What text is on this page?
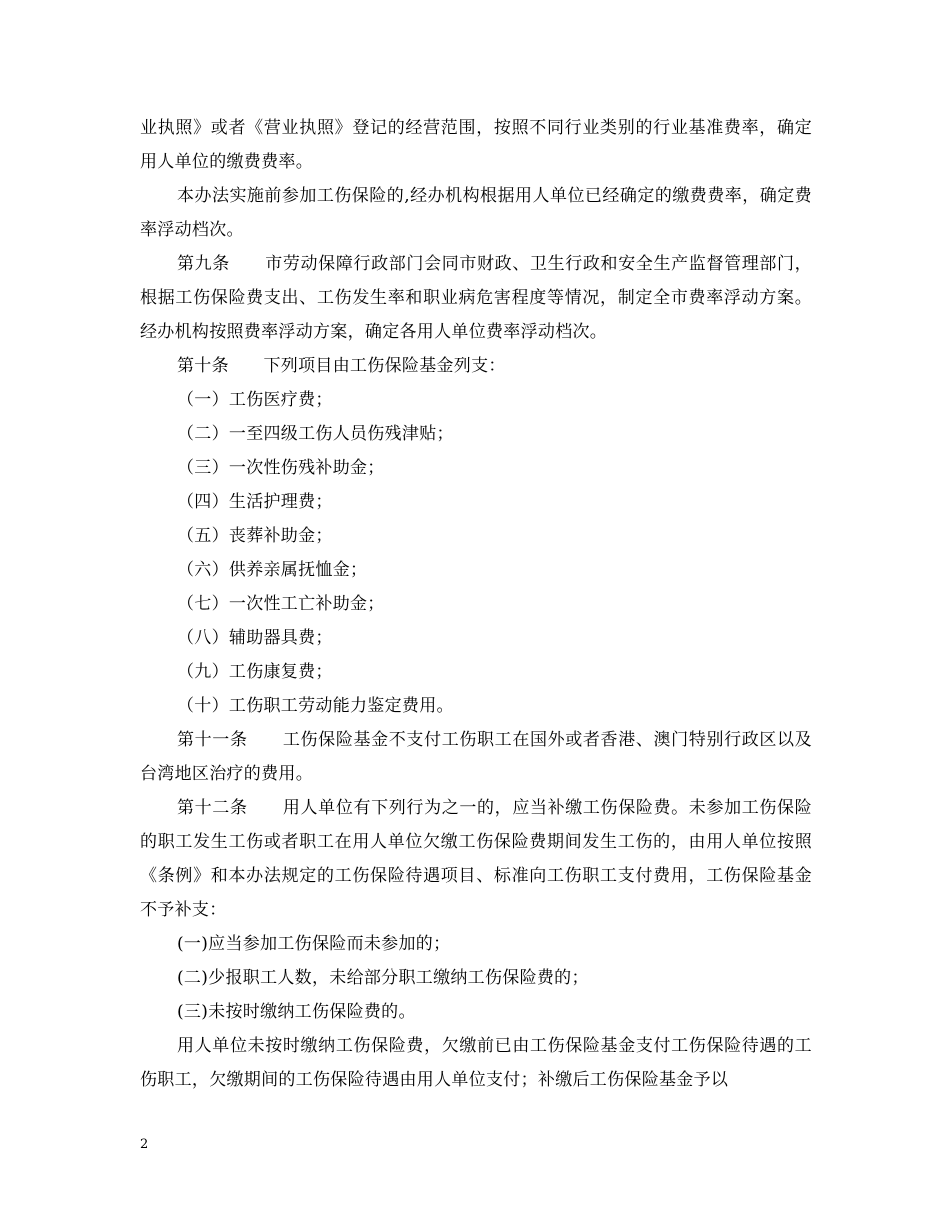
业执照》或者《营业执照》登记的经营范围，按照不同行业类别的行业基准费率，确定用人单位的缴费费率。

本办法实施前参加工伤保险的,经办机构根据用人单位已经确定的缴费费率，确定费率浮动档次。

第九条　　市劳动保障行政部门会同市财政、卫生行政和安全生产监督管理部门，根据工伤保险费支出、工伤发生率和职业病危害程度等情况，制定全市费率浮动方案。经办机构按照费率浮动方案，确定各用人单位费率浮动档次。

第十条　　下列项目由工伤保险基金列支：

（一）工伤医疗费；

（二）一至四级工伤人员伤残津贴；

（三）一次性伤残补助金；

（四）生活护理费；

（五）丧葬补助金；

（六）供养亲属抚恤金；

（七）一次性工亡补助金；

（八）辅助器具费；

（九）工伤康复费；

（十）工伤职工劳动能力鉴定费用。

第十一条　　工伤保险基金不支付工伤职工在国外或者香港、澳门特别行政区以及台湾地区治疗的费用。

第十二条　　用人单位有下列行为之一的，应当补缴工伤保险费。未参加工伤保险的职工发生工伤或者职工在用人单位欠缴工伤保险费期间发生工伤的，由用人单位按照《条例》和本办法规定的工伤保险待遇项目、标准向工伤职工支付费用，工伤保险基金不予补支：

(一)应当参加工伤保险而未参加的；

(二)少报职工人数，未给部分职工缴纳工伤保险费的；

(三)未按时缴纳工伤保险费的。

用人单位未按时缴纳工伤保险费，欠缴前已由工伤保险基金支付工伤保险待遇的工伤职工，欠缴期间的工伤保险待遇由用人单位支付；补缴后工伤保险基金予以

2
